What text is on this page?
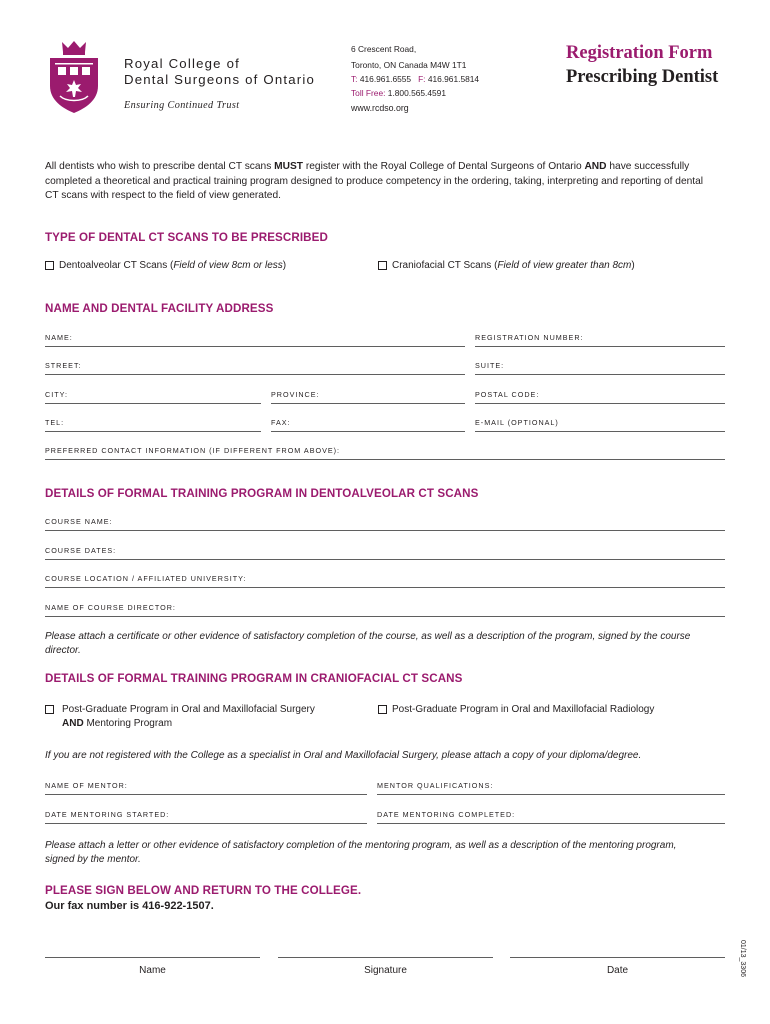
Royal College of
Dental Surgeons of Ontario
Ensuring Continued Trust
6 Crescent Road,
Toronto, ON Canada M4W 1T1
T: 416.961.6555 F: 416.961.5814
Toll Free: 1.800.565.4591
www.rcdso.org
Registration Form
Prescribing Dentist
All dentists who wish to prescribe dental CT scans MUST register with the Royal College of Dental Surgeons of Ontario AND have successfully completed a theoretical and practical training program designed to produce competency in the ordering, taking, interpreting and reporting of dental CT scans with respect to the field of view generated.
TYPE OF DENTAL CT SCANS TO BE PRESCRIBED
Dentoalveolar CT Scans (Field of view 8cm or less)	Craniofacial CT Scans (Field of view greater than 8cm)
NAME AND DENTAL FACILITY ADDRESS
NAME:	REGISTRATION NUMBER:
STREET:	SUITE:
CITY:	PROVINCE:	POSTAL CODE:
TEL:	FAX:	E-MAIL (OPTIONAL)
PREFERRED CONTACT INFORMATION (IF DIFFERENT FROM ABOVE):
DETAILS OF FORMAL TRAINING PROGRAM IN DENTOALVEOLAR CT SCANS
COURSE NAME:
COURSE DATES:
COURSE LOCATION / AFFILIATED UNIVERSITY:
NAME OF COURSE DIRECTOR:
Please attach a certificate or other evidence of satisfactory completion of the course, as well as a description of the program, signed by the course director.
DETAILS OF FORMAL TRAINING PROGRAM IN CRANIOFACIAL CT SCANS
Post-Graduate Program in Oral and Maxillofacial Surgery
AND Mentoring Program
Post-Graduate Program in Oral and Maxillofacial Radiology
If you are not registered with the College as a specialist in Oral and Maxillofacial Surgery, please attach a copy of your diploma/degree.
NAME OF MENTOR:	MENTOR QUALIFICATIONS:
DATE MENTORING STARTED:	DATE MENTORING COMPLETED:
Please attach a letter or other evidence of satisfactory completion of the mentoring program, as well as a description of the mentoring program, signed by the mentor.
PLEASE SIGN BELOW AND RETURN TO THE COLLEGE.
Our fax number is 416-922-1507.
Name	Signature	Date	01/13_3306
